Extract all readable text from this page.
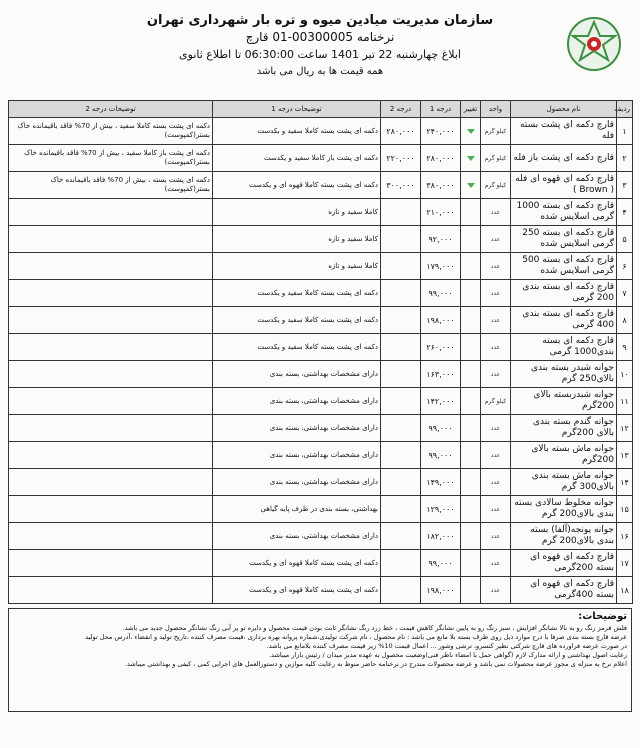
سازمان مدیریت میادین میوه و تره بار شهرداری تهران
نرخنامه 00300005-01 قارچ
ابلاغ چهارشنبه 22 تیر 1401 ساعت 06:30:00 تا اطلاع ثانوی
همه قیمت ها به ریال می باشد
ردیف	نام محصول	واحد	تغییر	درجه 1	درجه 2	توضیحات درجه 1	توضیحات درجه 2
۱	قارچ دکمه ای پشت بسته فله	کیلو گرم		۲۴۰,۰۰۰	۲۸۰,۰۰۰	دکمه ای پشت بسته کاملا سفید و بکدست	دکمه ای پشت بسته کاملا سفید ، بیش از 70% فاقد باقیمانده خاک بستر(کمپوست)
۲	قارچ دکمه ای پشت باز فله	کیلو گرم		۲۸۰,۰۰۰	۲۲۰,۰۰۰	دکمه ای پشت باز کاملا سفید و یکدست	دکمه ای پشت باز کاملا سفید ، بیش از 70% فاقد باقیمانده خاک بستر(کمپوست)
۳	قارچ دکمه ای قهوه ای فله ( Brown )	کیلو گرم		۳۸۰,۰۰۰	۳۰۰,۰۰۰	دکمه ای پشت بسته کاملا قهوه ای و یکدست	دکمه ای پشت بسته ، بیش از 70% فاقد باقیمانده خاک بستر(کمپوست)
۴	قارچ دکمه ای بسته 1000 گرمی اسلایس شده	عدد		۲۱۰,۰۰۰		کاملا سفید و تازه	
۵	قارچ دکمه ای بسته 250 گرمی اسلایس شده	عدد		۹۲,۰۰۰		کاملا سفید و تازه	
۶	قارچ دکمه ای بسته 500 گرمی اسلایس شده	عدد		۱۷۹,۰۰۰		کاملا سفید و تازه	
۷	قارچ دکمه ای بسته بندی 200 گرمی	عدد		۹۹,۰۰۰		دکمه ای پشت بسته کاملا سفید و یکدست	
۸	قارچ دکمه ای بسته بندی 400 گرمی	عدد		۱۹۸,۰۰۰		دکمه ای پشت بسته کاملا سفید و یکدست	
۹	قارچ دکمه ای بسته بندی1000 گرمی	عدد		۲۶۰,۰۰۰		دکمه ای پشت بسته کاملا سفید و یکدست	
۱۰	جوانه شبدر بسته بندی بالای250 گرم	عدد		۱۶۳,۰۰۰		دارای مشخصات بهداشتی، بسته بندی	
۱۱	جوانه شبدربسته بالای 200گرم	کیلو گرم		۱۴۲,۰۰۰		دارای مشخصات بهداشتی، بسته بندی	
۱۲	جوانه گندم بسته بندی بالای 200گرم	عدد		۹۹,۰۰۰		دارای مشخصات بهداشتی، بسته بندی	
۱۳	جوانه ماش بسته بالای 200گرم	عدد		۹۹,۰۰۰		دارای مشخصات بهداشتی، بسته بندی	
۱۴	جوانه ماش بسته بندی بالای300 گرم	عدد		۱۴۹,۰۰۰		دارای مشخصات بهداشتی، بسته بندی	
۱۵	جوانه مخلوط سالادی بسته بندی بالای200 گرم	عدد		۱۲۹,۰۰۰		بهداشتی، بسته بندی در ظرف پایه گیاهی	
۱۶	جوانه یونجه(آلفا) بسته بندی بالای200 گرم	عدد		۱۸۲,۰۰۰		دارای مشخصات بهداشتی، بسته بندی	
۱۷	قارچ دکمه ای قهوه ای بسته 200گرمی	عدد		۹۹,۰۰۰		دکمه ای پشت بسته کاملا قهوه ای و یکدست	
۱۸	قارچ دکمه ای قهوه ای بسته 400گرمی	عدد		۱۹۸,۰۰۰		دکمه ای پشت بسته کاملا قهوه ای و یکدست	
توضیحات:

فلش قرمز رنگ رو به بالا نشانگر افزایش ، سبز رنگ رو به پایین نشانگر کاهش قیمت ، خط زرد رنگ نشانگر ثابت بودن قیمت محصول و دایره تو پر آبی رنگ نشانگر محصول جدید می باشد.

عرضه قارچ بسته بندی صرفا با درج موارد ذیل روی ظرف بسته بلا مانع می باشد : نام محصول ، نام شرکت تولیدی،شماره پروانه بهره برداری ،قیمت مصرف کننده ،تاریخ تولید و انقضاء ،آدرس محل تولید

در صورت عرضه فراورده های قارچ شرکتی نظیر کنسرو، ترشی وشور ... اعمال قیمت 10% زیر قیمت مصرف کننده بلامانع می باشد.

رعایت اصول بهداشتی و ارائه مدارک لازم (گواهی حمل با امضاء ناظر فنی)وضعیت محصول به عهده مدیر میدان / رئیس بازار میباشد.

اعلام نرخ به منزله ی مجوز عرضه محصولات نمی باشد و عرضه محصولات مندرج در نرخنامه حاضر منوط به رعایت کلیه موازین و دستورالعمل های اجرایی کمی ، کیفی و بهداشتی میباشد.
